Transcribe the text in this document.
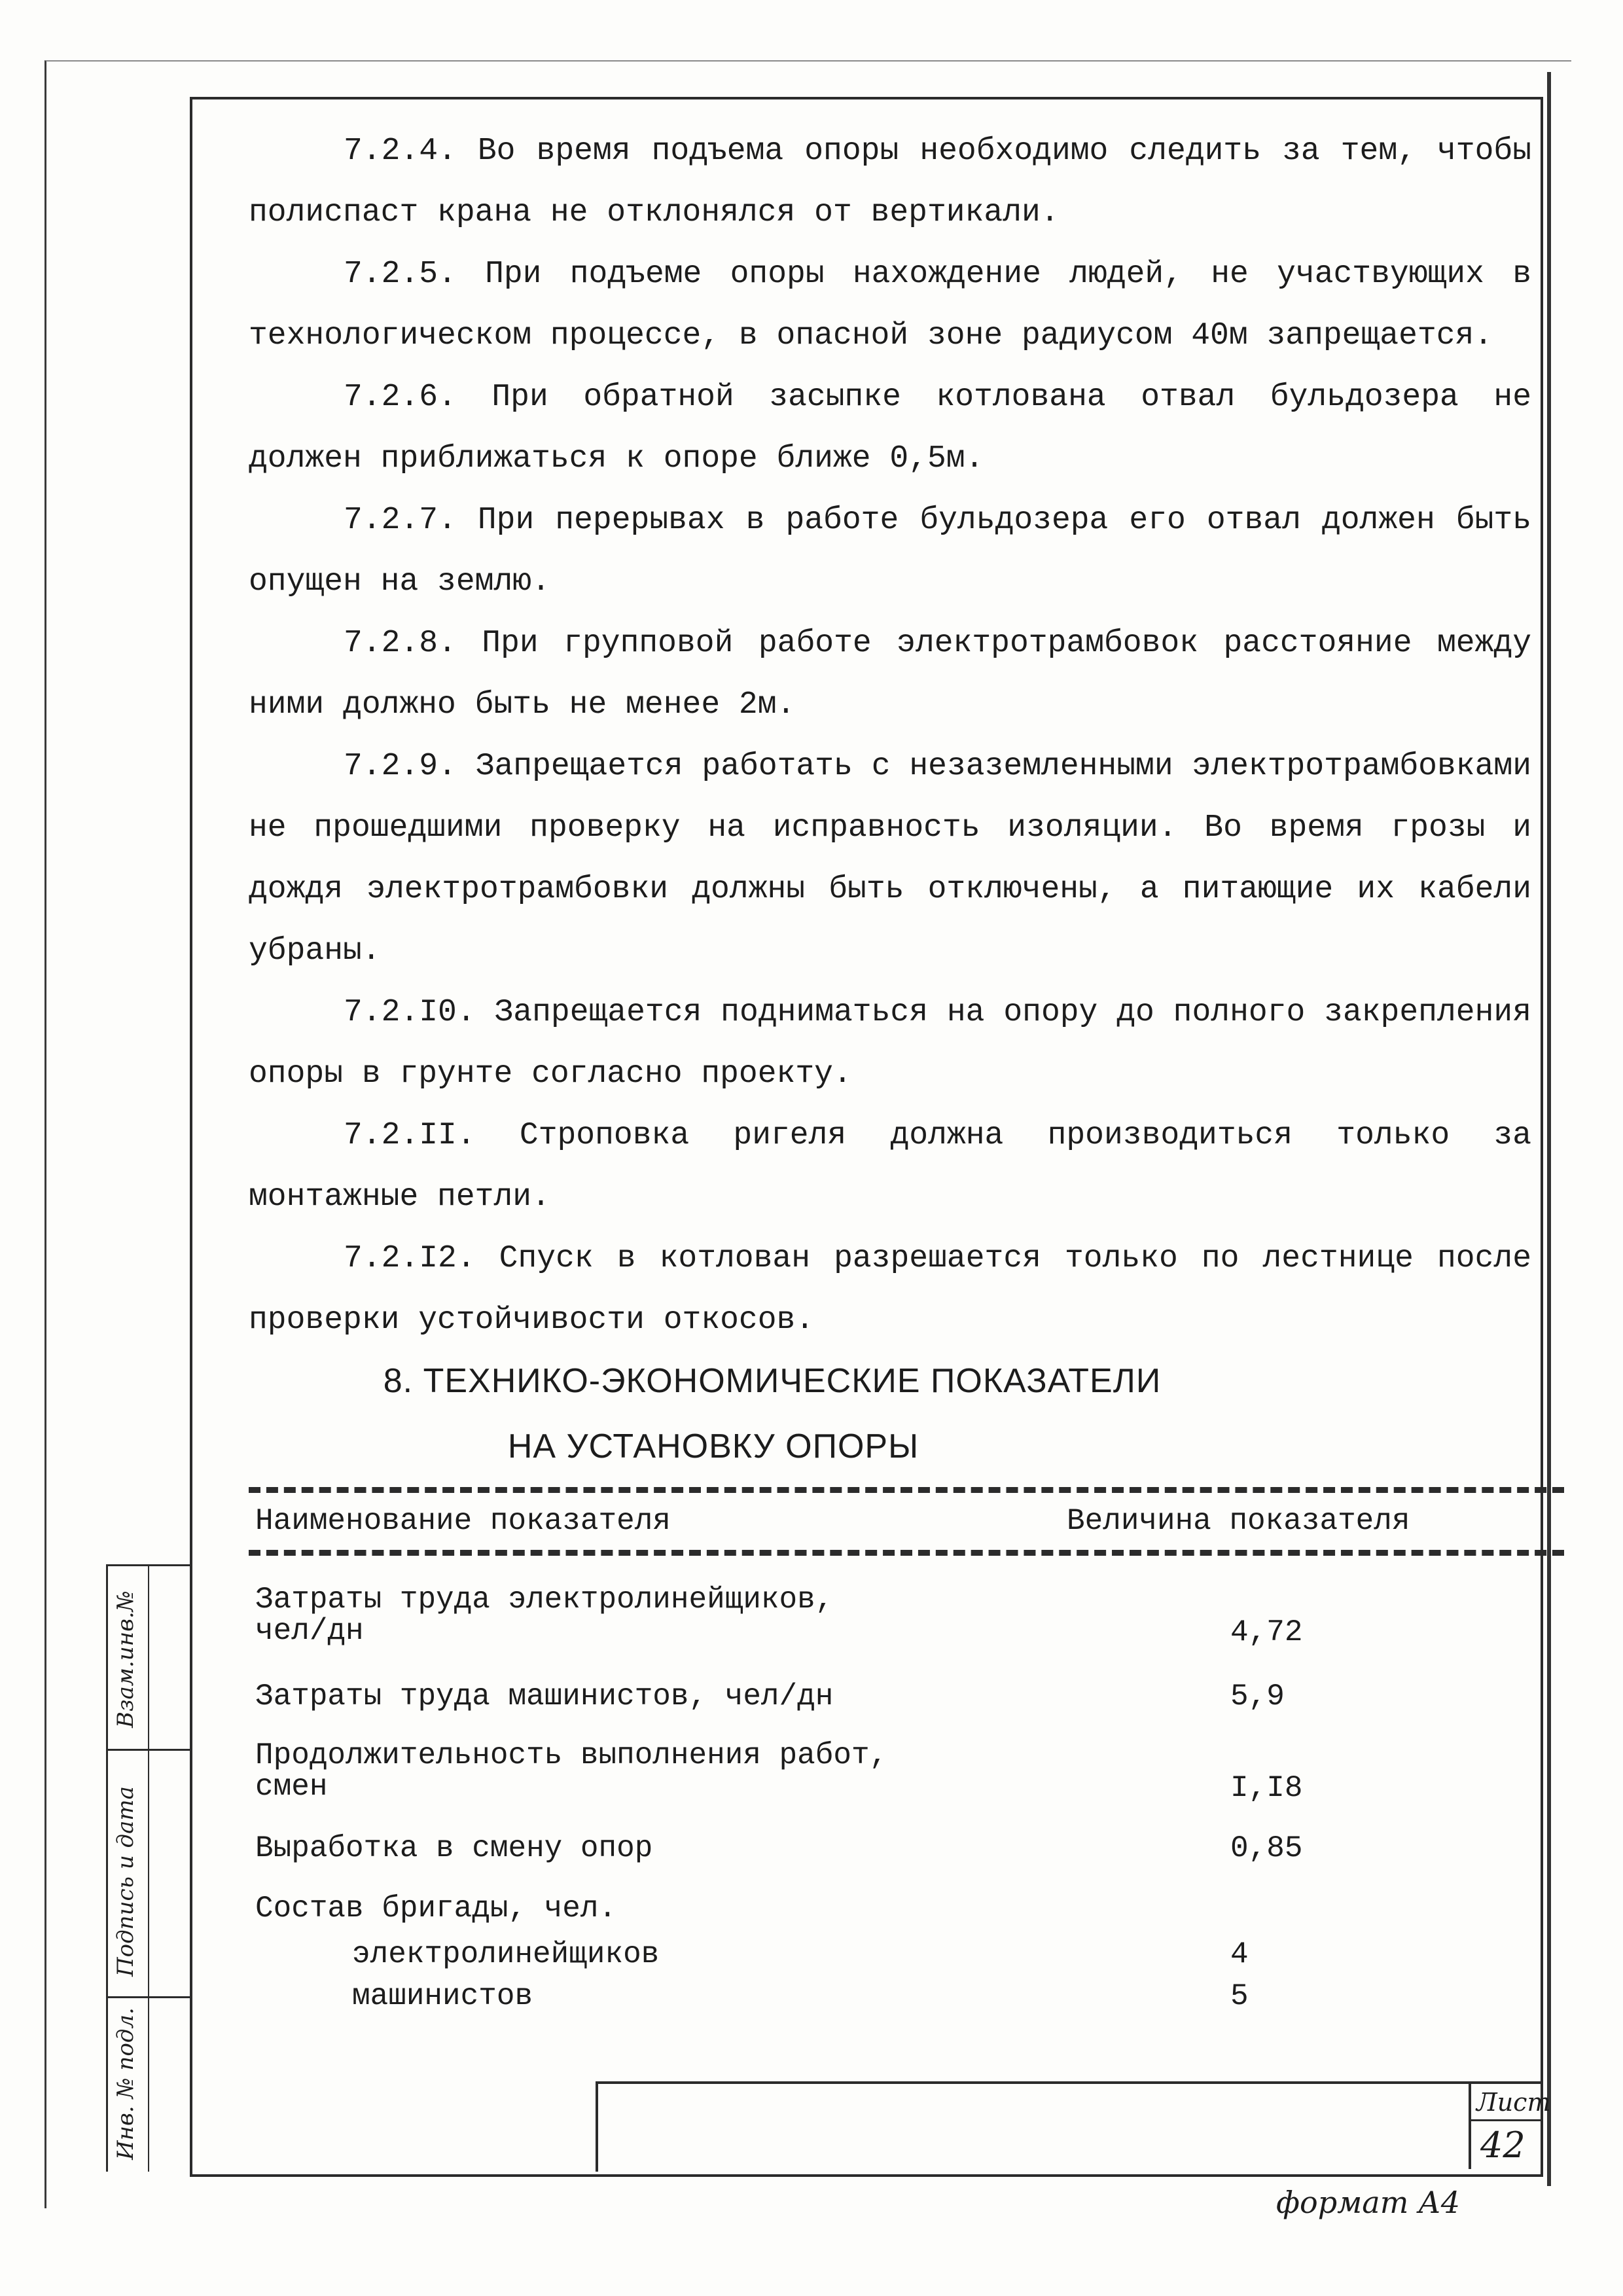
7.2.4. Во время подъема опоры необходимо следить за тем, чтобы полиспаст крана не отклонялся от вертикали.
7.2.5. При подъеме опоры нахождение людей, не участвующих в технологическом процессе, в опасной зоне радиусом 40м запрещается.
7.2.6. При обратной засыпке котлована отвал бульдозера не должен приближаться к опоре ближе 0,5м.
7.2.7. При перерывах в работе бульдозера его отвал должен быть опущен на землю.
7.2.8. При групповой работе электротрамбовок расстояние между ними должно быть не менее 2м.
7.2.9. Запрещается работать с незаземленными электротрамбовками не прошедшими проверку на исправность изоляции. Во время грозы и дождя электротрамбовки должны быть отключены, а питающие их кабели убраны.
7.2.I0. Запрещается подниматься на опору до полного закрепления опоры в грунте согласно проекту.
7.2.II. Строповка ригеля должна производиться только за монтажные петли.
7.2.I2. Спуск в котлован разрешается только по лестнице после проверки устойчивости откосов.
8. ТЕХНИКО-ЭКОНОМИЧЕСКИЕ ПОКАЗАТЕЛИ
НА УСТАНОВКУ ОПОРЫ
Наименование показателя	Величина показателя
Затраты труда электролинейщиков,
чел/дн	4,72
Затраты труда машинистов, чел/дн	5,9
Продолжительность выполнения работ,
смен	I,I8
Выработка в смену опор	0,85
Состав бригады, чел.
электролинейщиков	4
машинистов	5
Взам.инв.№
Подпись и дата
Инв. № подл.	Лист
42
формат А4
